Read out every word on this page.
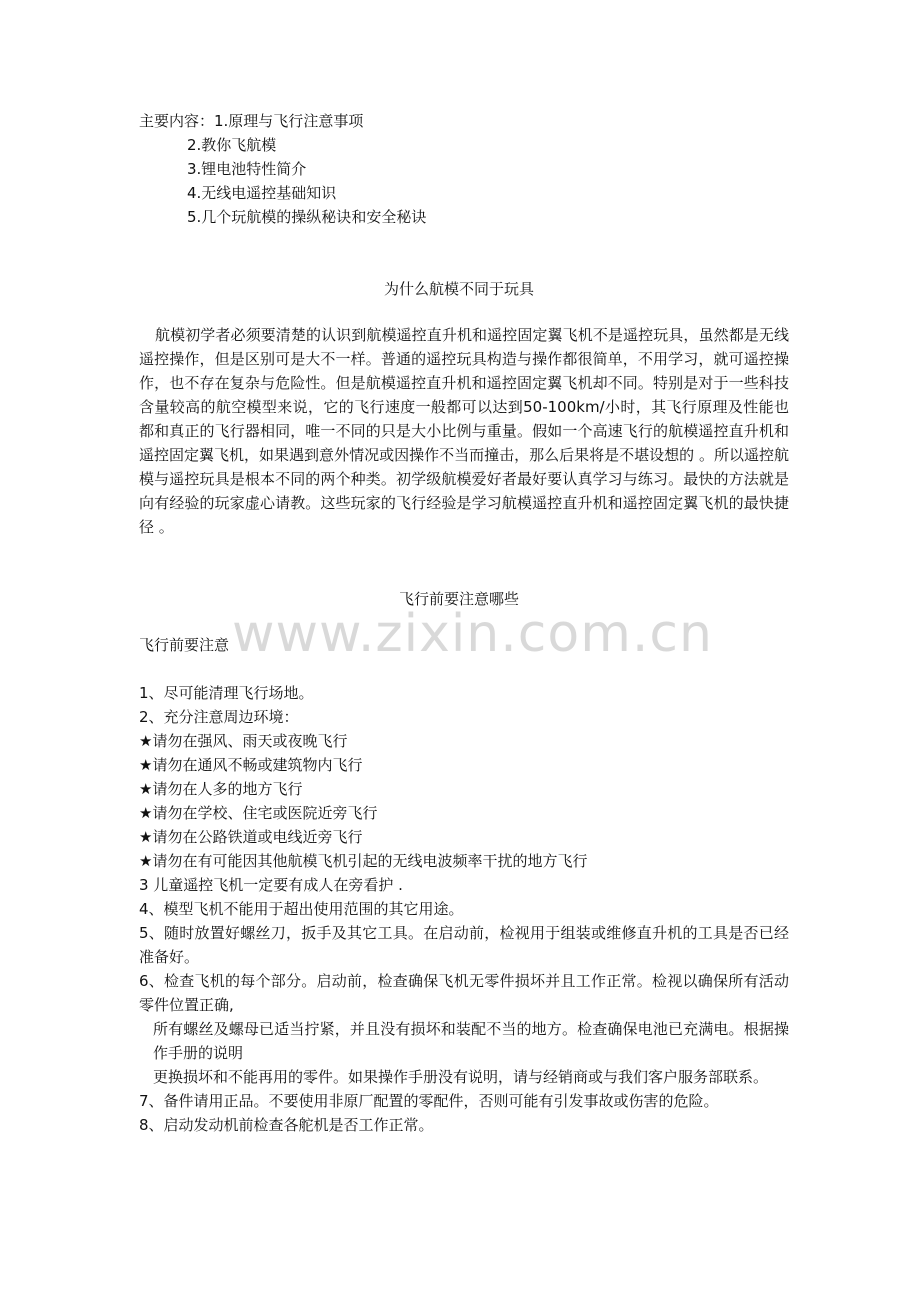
主要内容：1.原理与飞行注意事项
2.教你飞航模
3.锂电池特性简介
4.无线电遥控基础知识
5.几个玩航模的操纵秘诀和安全秘诀
为什么航模不同于玩具
航模初学者必须要清楚的认识到航模遥控直升机和遥控固定翼飞机不是遥控玩具，虽然都是无线遥控操作，但是区别可是大不一样。普通的遥控玩具构造与操作都很简单，不用学习，就可遥控操作，也不存在复杂与危险性。但是航模遥控直升机和遥控固定翼飞机却不同。特别是对于一些科技含量较高的航空模型来说，它的飞行速度一般都可以达到50-100km/小时，其飞行原理及性能也都和真正的飞行器相同，唯一不同的只是大小比例与重量。假如一个高速飞行的航模遥控直升机和遥控固定翼飞机，如果遇到意外情况或因操作不当而撞击，那么后果将是不堪设想的 。所以遥控航模与遥控玩具是根本不同的两个种类。初学级航模爱好者最好要认真学习与练习。最快的方法就是向有经验的玩家虚心请教。这些玩家的飞行经验是学习航模遥控直升机和遥控固定翼飞机的最快捷径 。
飞行前要注意哪些
飞行前要注意
1、尽可能清理飞行场地。
2、充分注意周边环境：
★请勿在强风、雨天或夜晚飞行
★请勿在通风不畅或建筑物内飞行
★请勿在人多的地方飞行
★请勿在学校、住宅或医院近旁飞行
★请勿在公路铁道或电线近旁飞行
★请勿在有可能因其他航模飞机引起的无线电波频率干扰的地方飞行
3 儿童遥控飞机一定要有成人在旁看护 .
4、模型飞机不能用于超出使用范围的其它用途。
5、随时放置好螺丝刀，扳手及其它工具。在启动前，检视用于组装或维修直升机的工具是否已经准备好。
6、检查飞机的每个部分。启动前，检查确保飞机无零件损坏并且工作正常。检视以确保所有活动零件位置正确,
所有螺丝及螺母已适当拧紧，并且没有损坏和装配不当的地方。检查确保电池已充满电。根据操作手册的说明
更换损坏和不能再用的零件。如果操作手册没有说明，请与经销商或与我们客户服务部联系。
7、备件请用正品。不要使用非原厂配置的零配件，否则可能有引发事故或伤害的危险。
8、启动发动机前检查各舵机是否工作正常。
www.zixin.com.cn
